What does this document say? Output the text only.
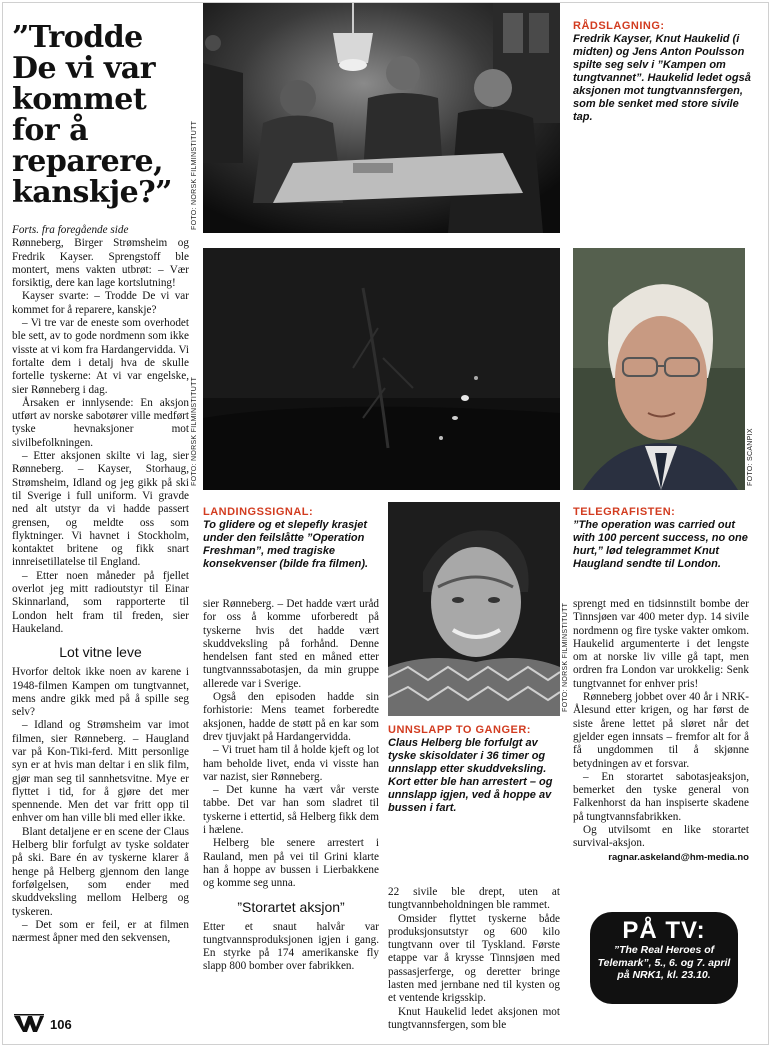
”Trodde De vi var kommet for å reparere, kanskje?”	FOTO: NORSK FILMINSTITUTT
RÅDSLAGNING:
Fredrik Kayser, Knut Haukelid (i midten) og Jens Anton Poulsson spilte seg selv i ”Kampen om tungtvannet”. Haukelid ledet også aksjonen mot tungtvannsfergen, som ble senket med store sivile tap.
FOTO: NORSK FILMINSTITUTT	FOTO: SCANPIX
LANDINGSSIGNAL:
To glidere og et slepefly krasjet under den feilslåtte ”Operation Freshman”, med tragiske konsekvenser (bilde fra filmen).
FOTO: NORSK FILMINSTITUTT
TELEGRAFISTEN:
”The operation was carried out with 100 percent success, no one hurt,” lød telegrammet Knut Haugland sendte til London.
UNNSLAPP TO GANGER:
Claus Helberg ble forfulgt av tyske skisoldater i 36 timer og unnslapp etter skuddveksling. Kort etter ble han arrestert – og unnslapp igjen, ved å hoppe av bussen i fart.

Forts. fra foregående side

Rønneberg, Birger Strømsheim og Fredrik Kayser. Sprengstoff ble montert, mens vakten utbrøt: – Vær forsiktig, dere kan lage kortslutning!

Kayser svarte: – Trodde De vi var kommet for å reparere, kanskje?

– Vi tre var de eneste som overhodet ble sett, av to gode nordmenn som ikke visste at vi kom fra Hardangervidda. Vi fortalte dem i detalj hva de skulle fortelle tyskerne: At vi var engelske, sier Rønneberg i dag.

Årsaken er innlysende: En aksjon utført av norske sabotører ville medført tyske hevnaksjoner mot sivilbefolkningen.

– Etter aksjonen skilte vi lag, sier Rønneberg. – Kayser, Storhaug, Strømsheim, Idland og jeg gikk på ski til Sverige i full uniform. Vi gravde ned alt utstyr da vi hadde passert grensen, og meldte oss som flyktninger. Vi havnet i Stockholm, kontaktet britene og fikk snart innreisetillatelse til England.

– Etter noen måneder på fjellet overlot jeg mitt radioutstyr til Einar Skinnarland, som rapporterte til London helt fram til freden, sier Haukeland.

Lot vitne leve

Hvorfor deltok ikke noen av karene i 1948-filmen Kampen om tungtvannet, mens andre gikk med på å spille seg selv?

– Idland og Strømsheim var imot filmen, sier Rønneberg. – Haugland var på Kon-Tiki-ferd. Mitt personlige syn er at hvis man deltar i en slik film, gjør man seg til sannhetsvitne. Mye er flyttet i tid, for å gjøre det mer spennende. Men det var fritt opp til enhver om han ville bli med eller ikke.

Blant detaljene er en scene der Claus Helberg blir forfulgt av tyske soldater på ski. Bare én av tyskerne klarer å henge på Helberg gjennom den lange forfølgelsen, som ender med skuddveksling mellom Helberg og tyskeren.

– Det som er feil, er at filmen nærmest åpner med den sekvensen,

sier Rønneberg. – Det hadde vært uråd for oss å komme uforberedt på tyskerne hvis det hadde vært skuddveksling på forhånd. Denne hendelsen fant sted en måned etter tungtvannssabotasjen, da min gruppe allerede var i Sverige.

Også den episoden hadde sin forhistorie: Mens teamet forberedte aksjonen, hadde de støtt på en kar som drev tjuvjakt på Hardangervidda.

– Vi truet ham til å holde kjeft og lot ham beholde livet, enda vi visste han var nazist, sier Rønneberg.

– Det kunne ha vært vår verste tabbe. Det var han som sladret til tyskerne i ettertid, så Helberg fikk dem i hælene.

Helberg ble senere arrestert i Rauland, men på vei til Grini klarte han å hoppe av bussen i Lierbakkene og komme seg unna.

”Storartet aksjon”

Etter et snaut halvår var tungtvannsproduksjonen igjen i gang. En styrke på 174 amerikanske fly slapp 800 bomber over fabrikken.

22 sivile ble drept, uten at tungtvannbeholdningen ble rammet.

Omsider flyttet tyskerne både produksjonsutstyr og 600 kilo tungtvann over til Tyskland. Første etappe var å krysse Tinnsjøen med passasjerferge, og deretter bringe lasten med jernbane ned til kysten og et ventende krigsskip.

Knut Haukelid ledet aksjonen mot tungtvannsfergen, som ble

sprengt med en tidsinnstilt bombe der Tinnsjøen var 400 meter dyp. 14 sivile nordmenn og fire tyske vakter omkom. Haukelid argumenterte i det lengste om at norske liv ville gå tapt, men ordren fra London var urokkelig: Senk tungtvannet for enhver pris!

Rønneberg jobbet over 40 år i NRK-Ålesund etter krigen, og har først de siste årene lettet på sløret når det gjelder egen innsats – fremfor alt for å få ungdommen til å skjønne betydningen av et forsvar.

– En storartet sabotasjeaksjon, bemerket den tyske general von Falkenhorst da han inspiserte skadene på tungtvannsfabrikken.

Og utvilsomt en like storartet survival-aksjon.

ragnar.askeland@hm-media.no

PÅ TV:
”The Real Heroes of Telemark”, 5., 6. og 7. april på NRK1, kl. 23.10.
106
